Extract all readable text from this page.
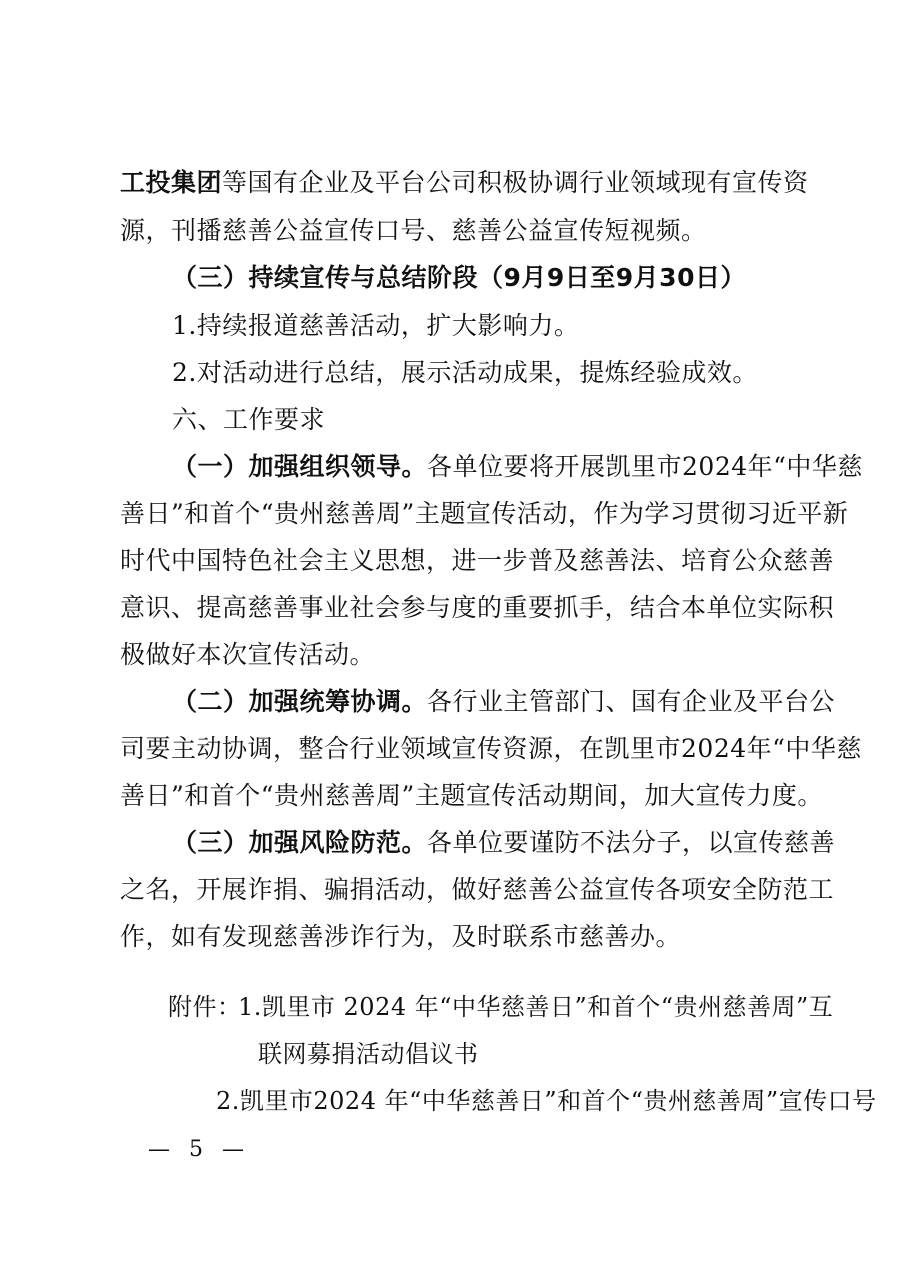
工投集团等国有企业及平台公司积极协调行业领域现有宣传资
源，刊播慈善公益宣传口号、慈善公益宣传短视频。
（三）持续宣传与总结阶段（9月9日至9月30日）
1.持续报道慈善活动，扩大影响力。
2.对活动进行总结，展示活动成果，提炼经验成效。
六、工作要求
（一）加强组织领导。各单位要将开展凯里市2024年“中华慈
善日”和首个“贵州慈善周”主题宣传活动，作为学习贯彻习近平新
时代中国特色社会主义思想，进一步普及慈善法、培育公众慈善
意识、提高慈善事业社会参与度的重要抓手，结合本单位实际积
极做好本次宣传活动。
（二）加强统筹协调。各行业主管部门、国有企业及平台公
司要主动协调，整合行业领域宣传资源，在凯里市2024年“中华慈
善日”和首个“贵州慈善周”主题宣传活动期间，加大宣传力度。
（三）加强风险防范。各单位要谨防不法分子，以宣传慈善
之名，开展诈捐、骗捐活动，做好慈善公益宣传各项安全防范工
作，如有发现慈善涉诈行为，及时联系市慈善办。
附件：
1.凯里市 2024 年“中华慈善日”和首个“贵州慈善周”互
联网募捐活动倡议书
2.凯里市2024 年“中华慈善日”和首个“贵州慈善周”宣传口号
— 5 —
